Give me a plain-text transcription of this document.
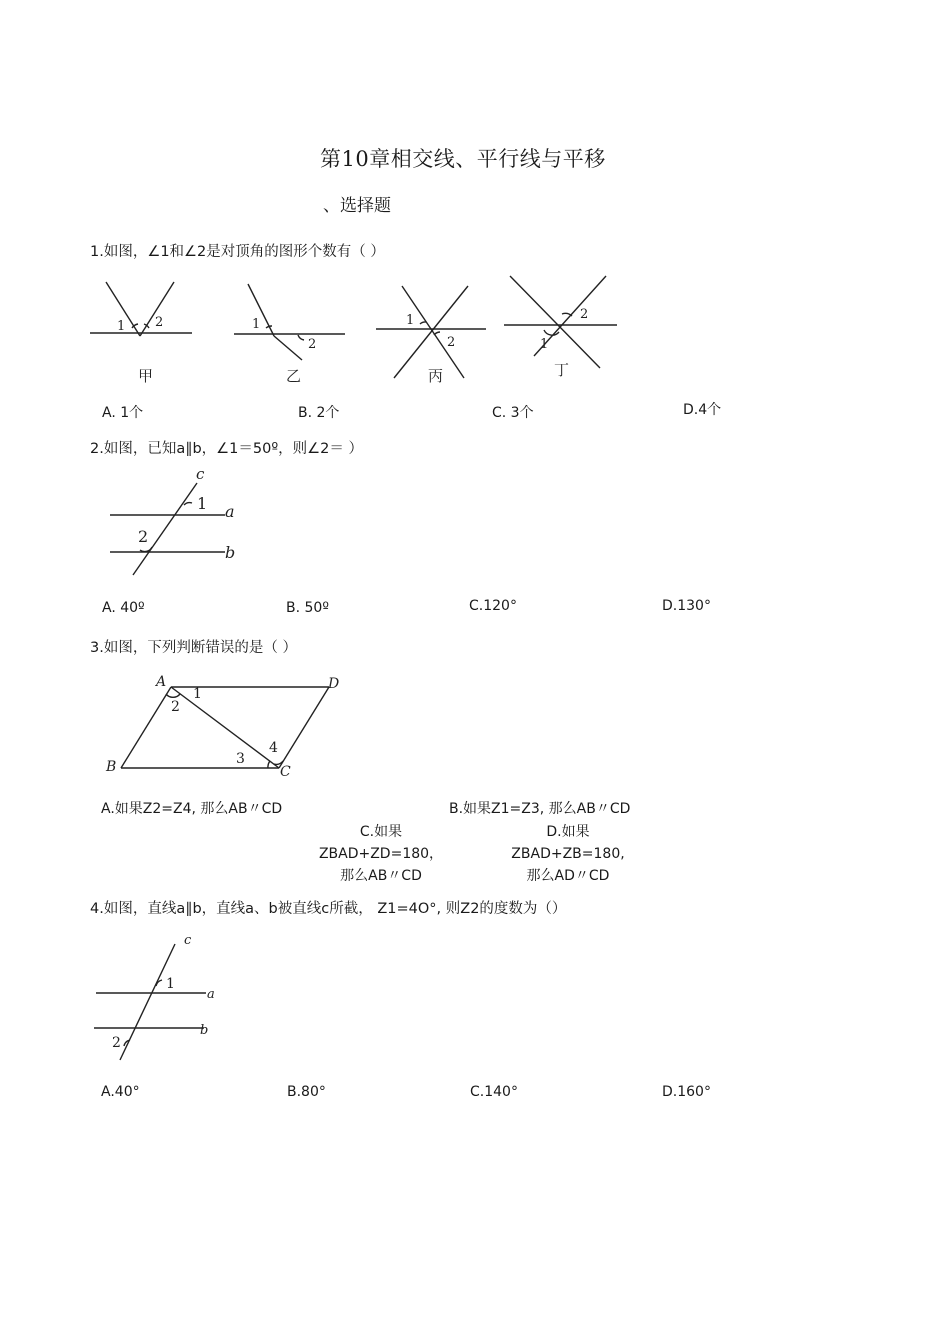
第10章相交线、平行线与平移
、选择题
1.如图，∠1和∠2是对顶角的图形个数有（ ）
1 2
甲
1
2
乙
1
2
丙
2
1
丁
A. 1个	B. 2个	C. 3个	D.4个
2.如图，已知a∥b，∠1＝50º，则∠2＝ ）
c
1 a
2
b
A. 40º	B. 50º	C.120°	D.130°
3.如图，下列判断错误的是（ ）
A	D
B	C
1
2
3
4
A.如果Z2=Z4, 那么AB〃CD	B.如果Z1=Z3, 那么AB〃CD
C.如果
ZBAD+ZD=180，
那么AB〃CD
D.如果
ZBAD+ZB=180,
那么AD〃CD
4.如图，直线a∥b，直线a、b被直线c所截， Z1=4O°, 则Z2的度数为（）
c
1
a
2
b
A.40°	B.80°	C.140°	D.160°
